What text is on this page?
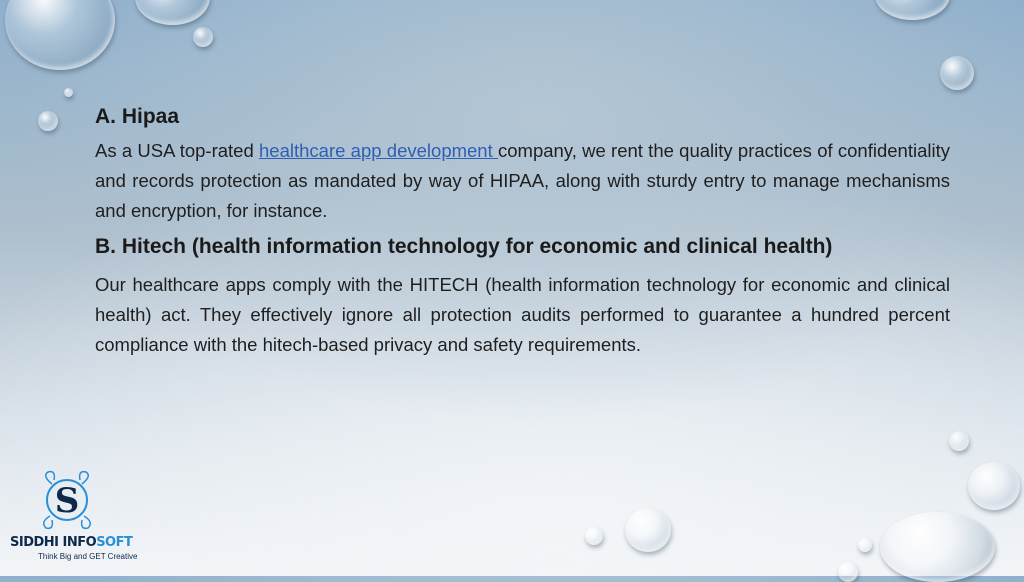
A. Hipaa

As a USA top-rated healthcare app development company, we rent the quality practices of confidentiality and records protection as mandated by way of HIPAA, along with sturdy entry to manage mechanisms and encryption, for instance.

B. Hitech (health information technology for economic and clinical health)

Our healthcare apps comply with the HITECH (health information technology for economic and clinical health) act. They effectively ignore all protection audits performed to guarantee a hundred percent compliance with the hitech-based privacy and safety requirements.

S
SIDDHI INFOSOFT
Think Big and GET Creative
